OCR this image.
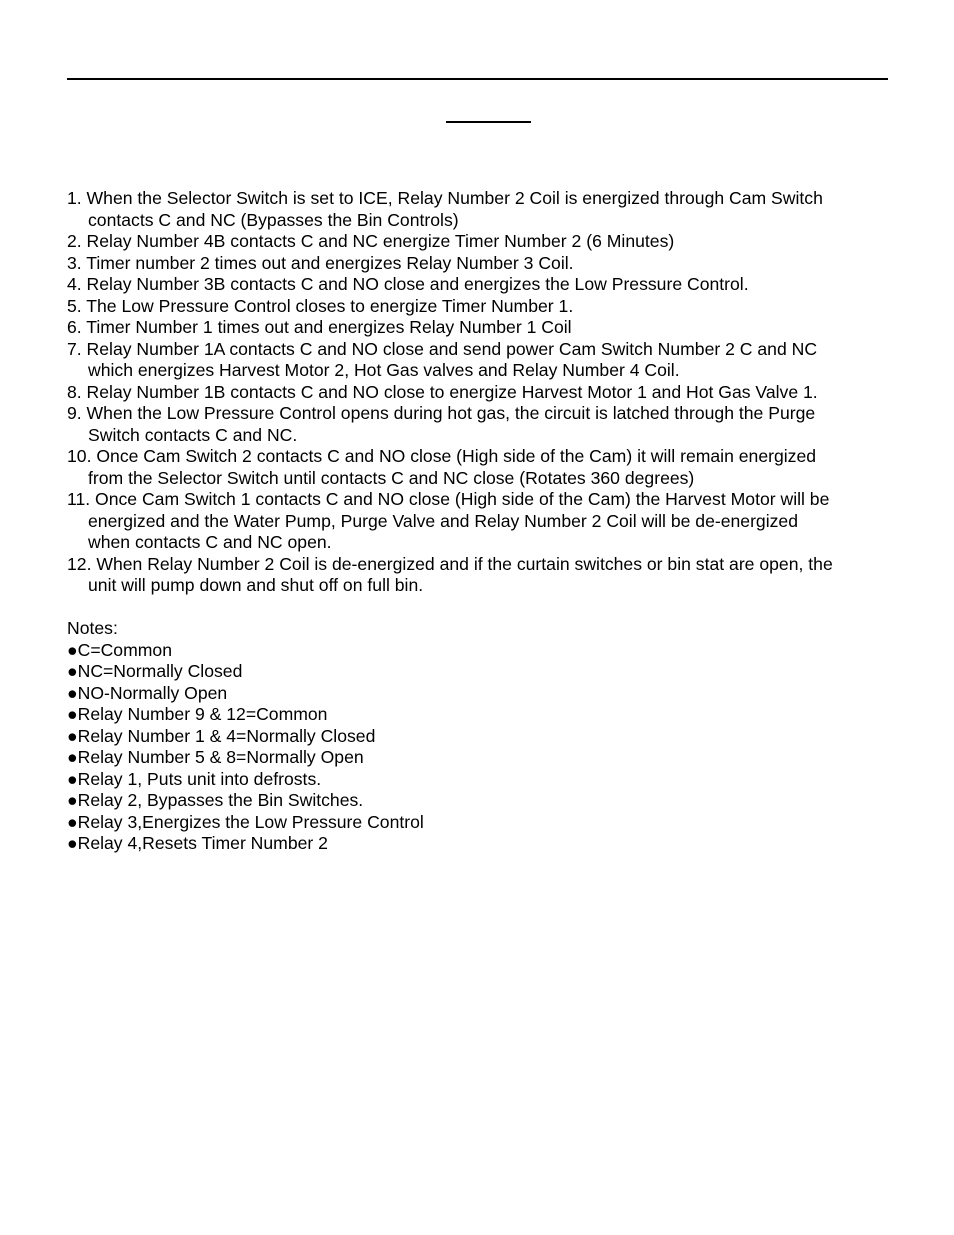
1. When the Selector Switch is set to ICE, Relay Number 2 Coil is energized through Cam Switch
contacts C and NC (Bypasses the Bin Controls)
2. Relay Number 4B contacts C and NC energize Timer Number 2 (6 Minutes)
3. Timer number 2 times out and energizes Relay Number 3 Coil.
4. Relay Number 3B contacts C and NO close and energizes the Low Pressure Control.
5. The Low Pressure Control closes to energize Timer Number 1.
6. Timer Number 1 times out and energizes Relay Number 1 Coil
7. Relay Number 1A contacts C and NO close and send power Cam Switch Number 2 C and NC
which energizes Harvest Motor 2, Hot Gas valves and Relay Number 4 Coil.
8. Relay Number 1B contacts C and NO close to energize Harvest Motor 1 and Hot Gas Valve 1.
9. When the Low Pressure Control opens during hot gas, the circuit is latched through the Purge
Switch contacts C and NC.
10. Once Cam Switch 2 contacts C and NO close (High side of the Cam) it will remain energized
from the Selector Switch until contacts C and NC close (Rotates 360 degrees)
11. Once Cam Switch 1 contacts C and NO close (High side of the Cam) the Harvest Motor will be
energized and the Water Pump, Purge Valve and Relay Number 2 Coil will be de-energized
when contacts C and NC open.
12. When Relay Number 2 Coil is de-energized and if the curtain switches or bin stat are open, the
unit will pump down and shut off on full bin.
Notes:
●C=Common
●NC=Normally Closed
●NO-Normally Open
●Relay Number 9 & 12=Common
●Relay Number 1 & 4=Normally Closed
●Relay Number 5 & 8=Normally Open
●Relay 1, Puts unit into defrosts.
●Relay 2, Bypasses the Bin Switches.
●Relay 3,Energizes the Low Pressure Control
●Relay 4,Resets Timer Number 2
